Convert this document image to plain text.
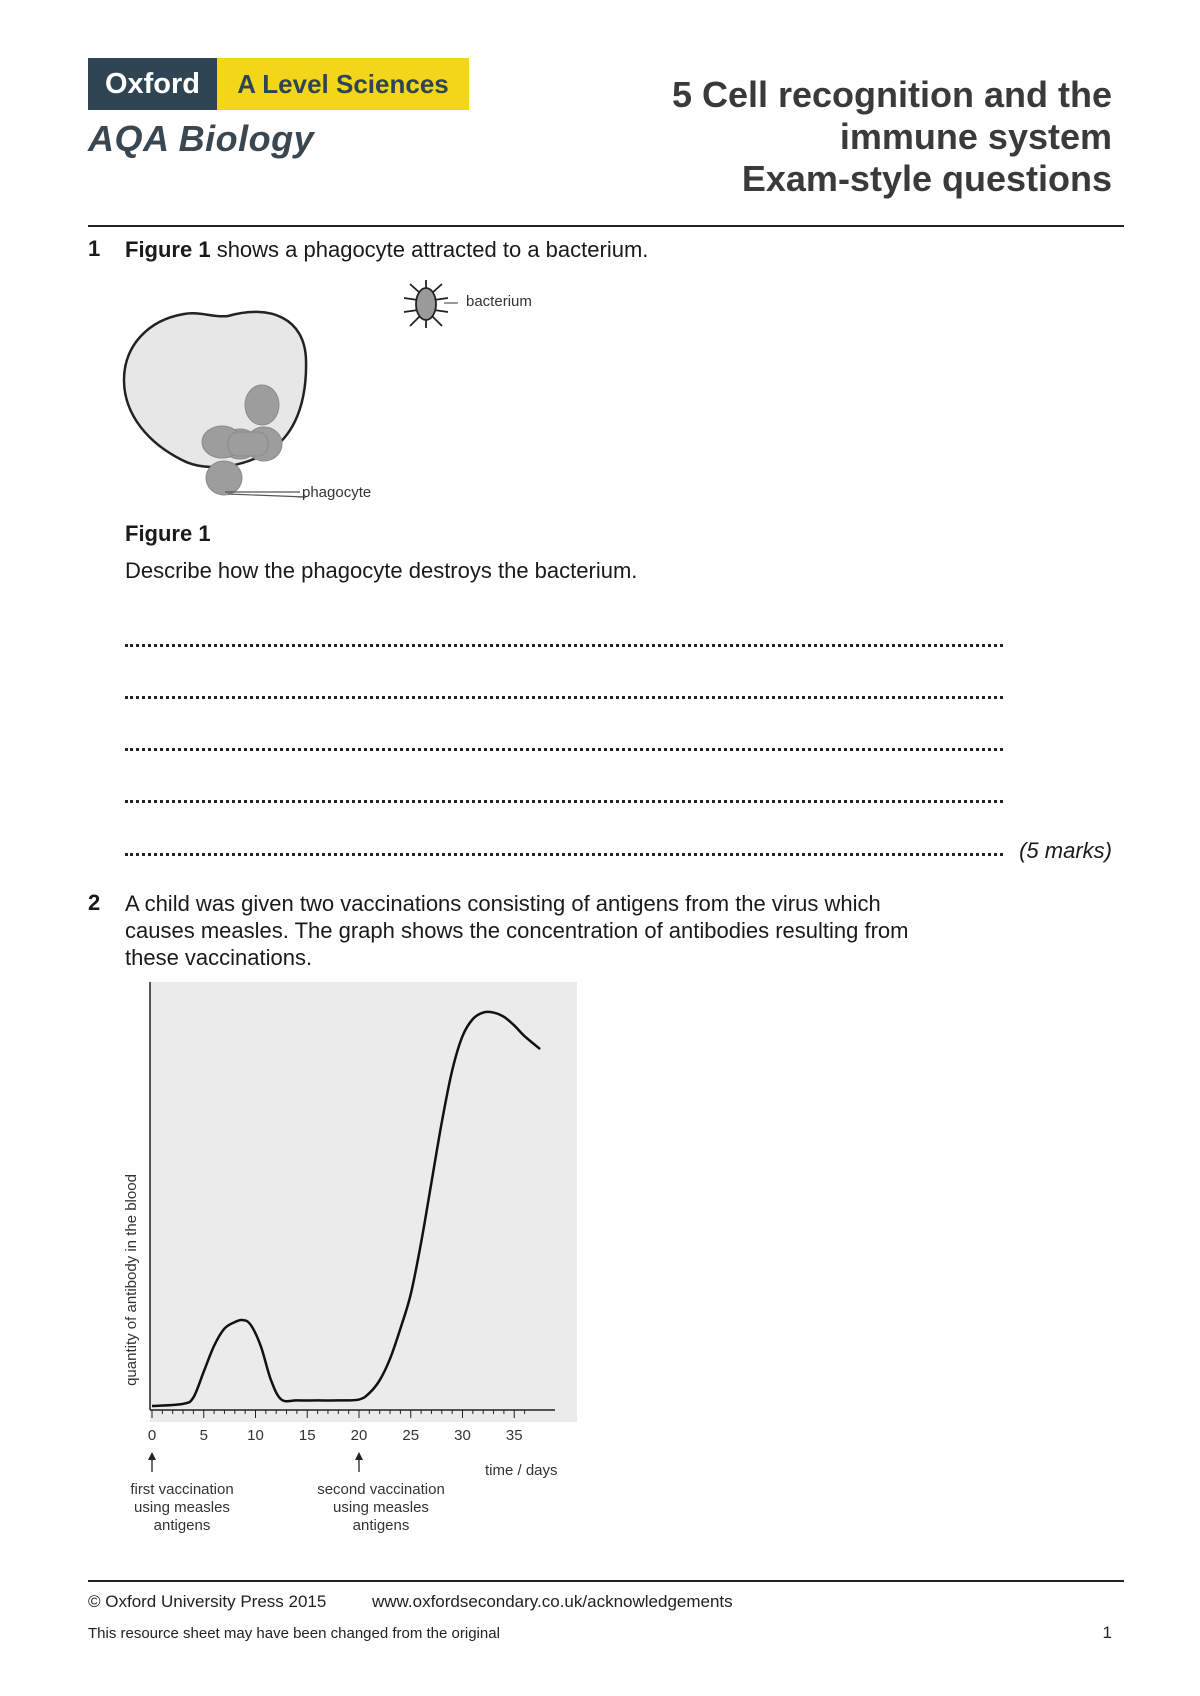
Oxford	A Level Sciences
AQA Biology
5 Cell recognition and the
immune system
Exam-style questions
1 Figure 1 shows a phagocyte attracted to a bacterium.
bacterium
phagocyte
Figure 1
Describe how the phagocyte destroys the bacterium.
(5 marks)
2 A child was given two vaccinations consisting of antigens from the virus which
causes measles. The graph shows the concentration of antibodies resulting from
these vaccinations.
0	5	10 15 20 25 30 35
time / days
quantity of antibody in the blood
first vaccination
using measles
antigens
second vaccination
using measles
antigens
© Oxford University Press 2015	www.oxfordsecondary.co.uk/acknowledgements
This resource sheet may have been changed from the original	1
